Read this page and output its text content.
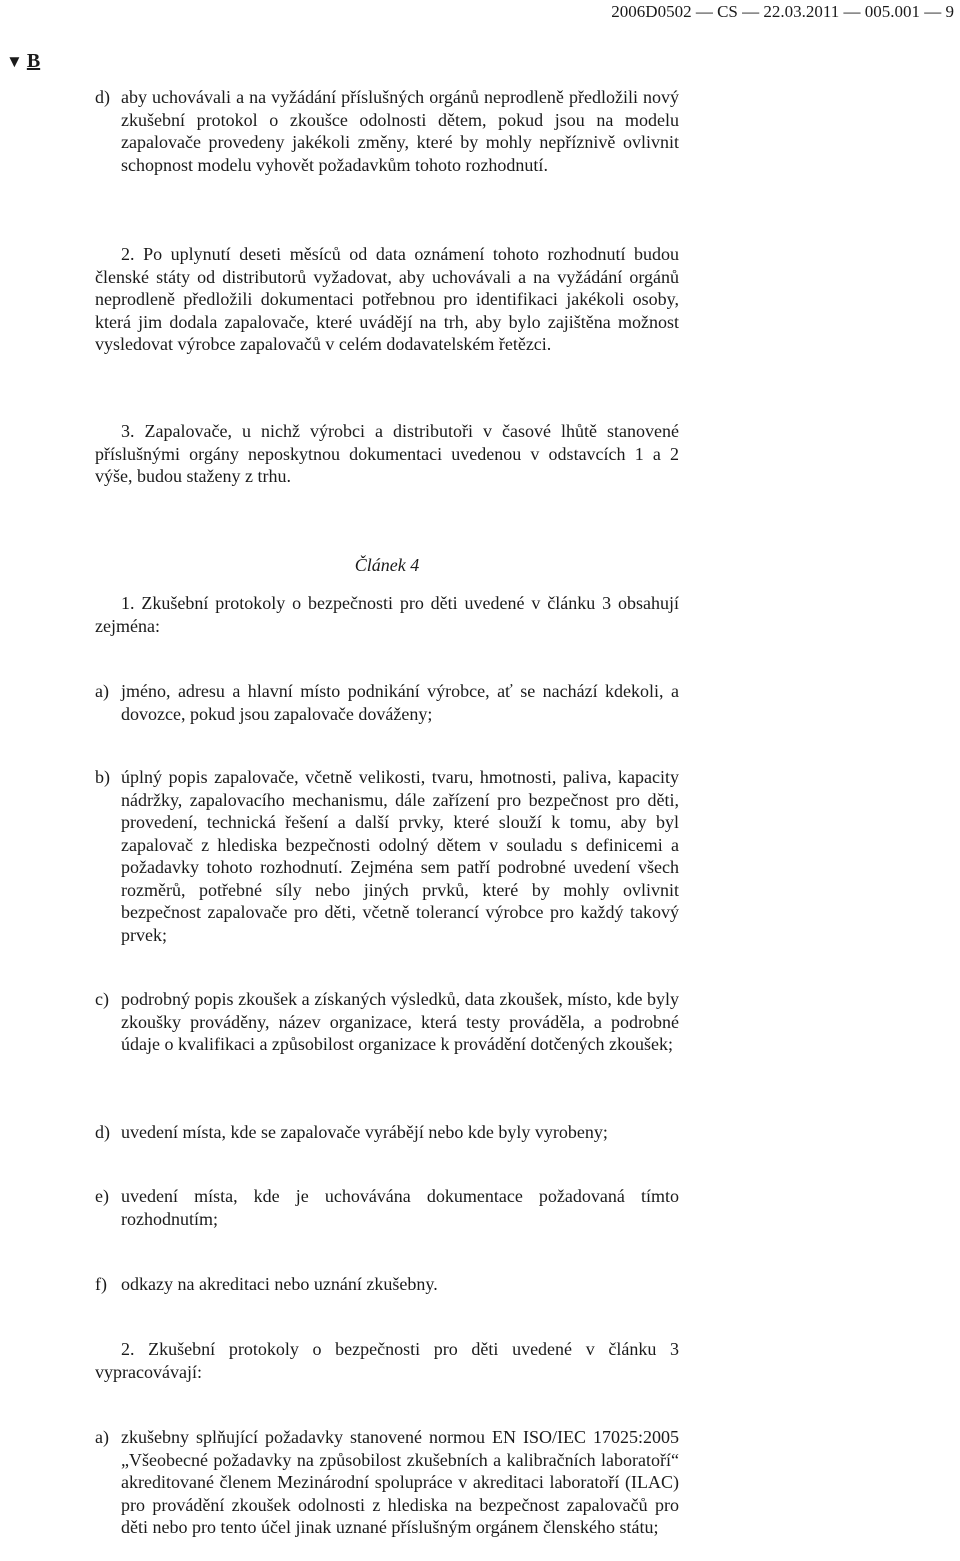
2006D0502 — CS — 22.03.2011 — 005.001 — 9
▼ B
d) aby uchovávali a na vyžádání příslušných orgánů neprodleně předložili nový zkušební protokol o zkoušce odolnosti dětem, pokud jsou na modelu zapalovače provedeny jakékoli změny, které by mohly nepříznivě ovlivnit schopnost modelu vyhovět požadavkům tohoto rozhodnutí.
2. Po uplynutí deseti měsíců od data oznámení tohoto rozhodnutí budou členské státy od distributorů vyžadovat, aby uchovávali a na vyžádání orgánů neprodleně předložili dokumentaci potřebnou pro identifikaci jakékoli osoby, která jim dodala zapalovače, které uvádějí na trh, aby bylo zajištěna možnost vysledovat výrobce zapalovačů v celém dodavatelském řetězci.
3. Zapalovače, u nichž výrobci a distributoři v časové lhůtě stanovené příslušnými orgány neposkytnou dokumentaci uvedenou v odstavcích 1 a 2 výše, budou staženy z trhu.
Článek 4
1. Zkušební protokoly o bezpečnosti pro děti uvedené v článku 3 obsahují zejména:
a) jméno, adresu a hlavní místo podnikání výrobce, ať se nachází kdekoli, a dovozce, pokud jsou zapalovače dováženy;
b) úplný popis zapalovače, včetně velikosti, tvaru, hmotnosti, paliva, kapacity nádržky, zapalovacího mechanismu, dále zařízení pro bezpečnost pro děti, provedení, technická řešení a další prvky, které slouží k tomu, aby byl zapalovač z hlediska bezpečnosti odolný dětem v souladu s definicemi a požadavky tohoto rozhodnutí. Zejména sem patří podrobné uvedení všech rozměrů, potřebné síly nebo jiných prvků, které by mohly ovlivnit bezpečnost zapalovače pro děti, včetně tolerancí výrobce pro každý takový prvek;
c) podrobný popis zkoušek a získaných výsledků, data zkoušek, místo, kde byly zkoušky prováděny, název organizace, která testy prováděla, a podrobné údaje o kvalifikaci a způsobilost organizace k provádění dotčených zkoušek;
d) uvedení místa, kde se zapalovače vyrábějí nebo kde byly vyrobeny;
e) uvedení místa, kde je uchovávána dokumentace požadovaná tímto rozhodnutím;
f) odkazy na akreditaci nebo uznání zkušebny.
2. Zkušební protokoly o bezpečnosti pro děti uvedené v článku 3 vypracovávají:
a) zkušebny splňující požadavky stanovené normou EN ISO/IEC 17025:2005 „Všeobecné požadavky na způsobilost zkušebních a kalibračních laboratoří“ akreditované členem Mezinárodní spolupráce v akreditaci laboratoří (ILAC) pro provádění zkoušek odolnosti z hlediska na bezpečnost zapalovačů pro děti nebo pro tento účel jinak uznané příslušným orgánem členského státu;
